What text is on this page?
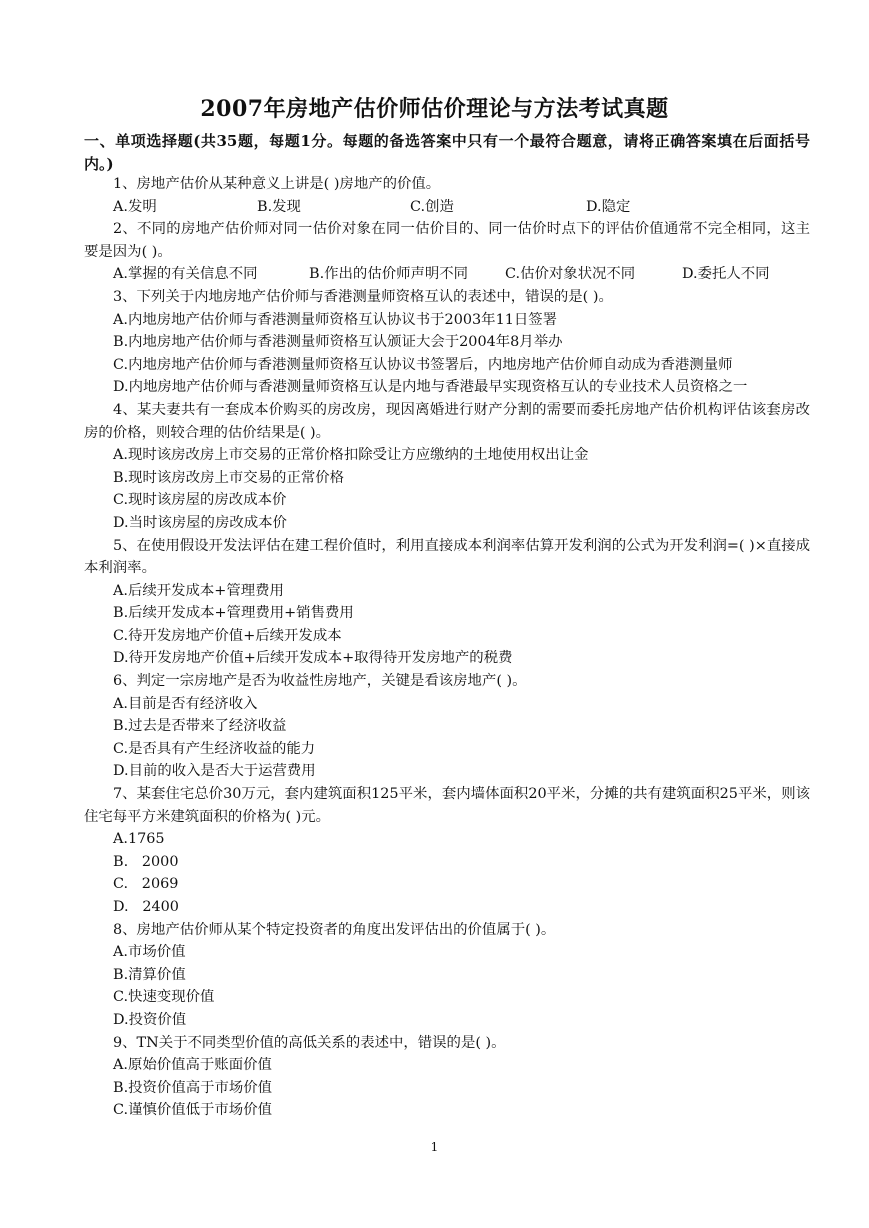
2007年房地产估价师估价理论与方法考试真题
一、单项选择题(共35题，每题1分。每题的备选答案中只有一个最符合题意，请将正确答案填在后面括号内。)
1、房地产估价从某种意义上讲是( )房地产的价值。
A.发明	B.发现	C.创造	D.隐定
2、不同的房地产估价师对同一估价对象在同一估价目的、同一估价时点下的评估价值通常不完全相同，这主要是因为( )。
A.掌握的有关信息不同	B.作出的估价师声明不同	C.估价对象状况不同	D.委托人不同
3、下列关于内地房地产估价师与香港测量师资格互认的表述中，错误的是( )。
A.内地房地产估价师与香港测量师资格互认协议书于2003年11日签署
B.内地房地产估价师与香港测量师资格互认颁证大会于2004年8月举办
C.内地房地产估价师与香港测量师资格互认协议书签署后，内地房地产估价师自动成为香港测量师
D.内地房地产估价师与香港测量师资格互认是内地与香港最早实现资格互认的专业技术人员资格之一
4、某夫妻共有一套成本价购买的房改房，现因离婚进行财产分割的需要而委托房地产估价机构评估该套房改房的价格，则较合理的估价结果是( )。
A.现时该房改房上市交易的正常价格扣除受让方应缴纳的土地使用权出让金
B.现时该房改房上市交易的正常价格
C.现时该房屋的房改成本价
D.当时该房屋的房改成本价
5、在使用假设开发法评估在建工程价值时，利用直接成本利润率估算开发利润的公式为开发利润=( )×直接成本利润率。
A.后续开发成本+管理费用
B.后续开发成本+管理费用+销售费用
C.待开发房地产价值+后续开发成本
D.待开发房地产价值+后续开发成本+取得待开发房地产的税费
6、判定一宗房地产是否为收益性房地产，关键是看该房地产( )。
A.目前是否有经济收入
B.过去是否带来了经济收益
C.是否具有产生经济收益的能力
D.目前的收入是否大于运营费用
7、某套住宅总价30万元，套内建筑面积125平米，套内墙体面积20平米，分摊的共有建筑面积25平米，则该住宅每平方米建筑面积的价格为( )元。
A.1765
B.   2000
C.   2069
D.   2400
8、房地产估价师从某个特定投资者的角度出发评估出的价值属于( )。
A.市场价值
B.清算价值
C.快速变现价值
D.投资价值
9、TN关于不同类型价值的高低关系的表述中，错误的是( )。
A.原始价值高于账面价值
B.投资价值高于市场价值
C.谨慎价值低于市场价值
1
